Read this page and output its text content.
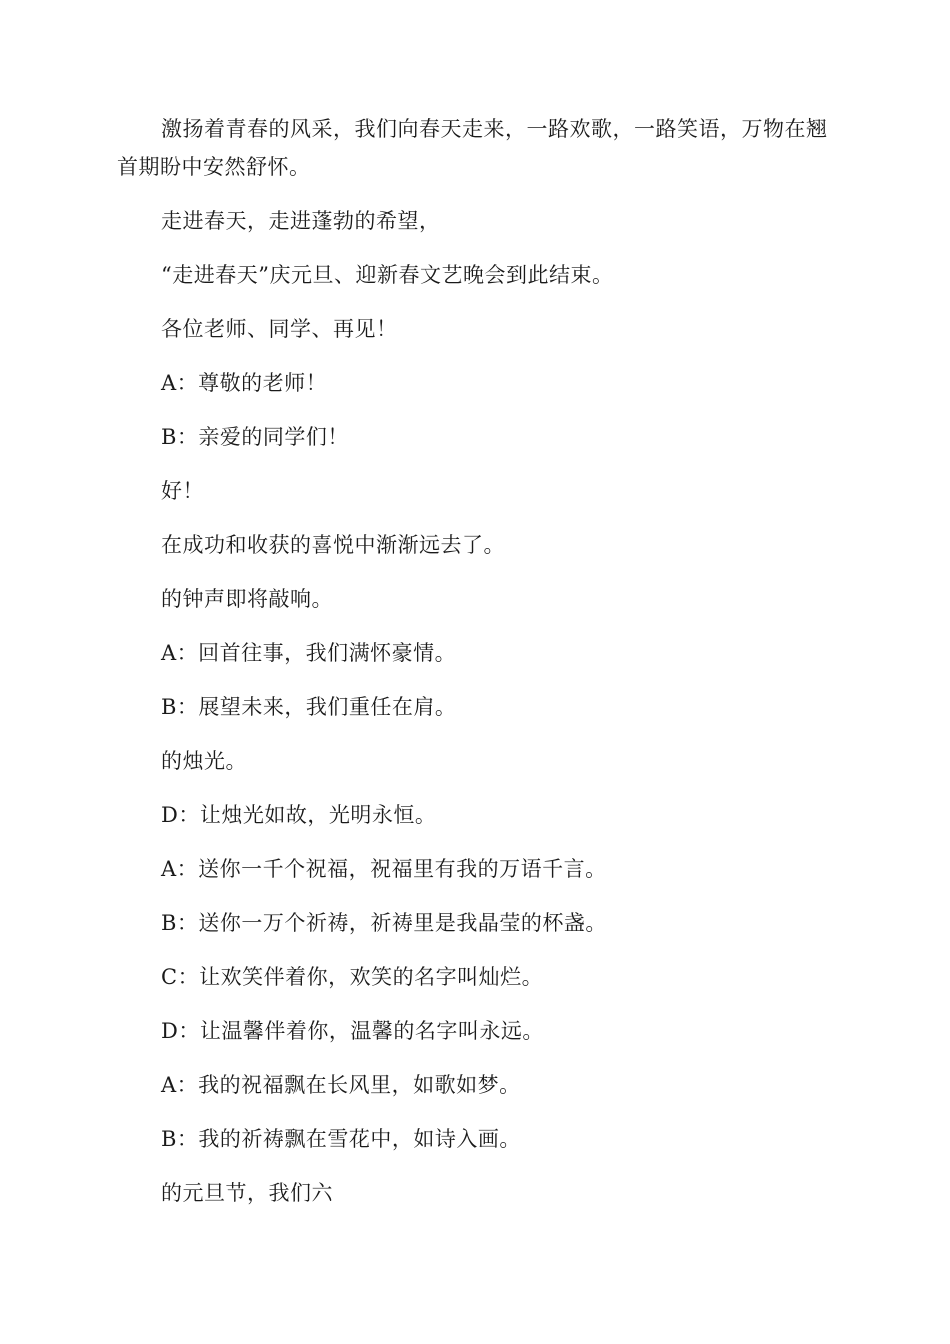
激扬着青春的风采，我们向春天走来，一路欢歌，一路笑语，万物在翘首期盼中安然舒怀。

走进春天，走进蓬勃的希望，

“走进春天”庆元旦、迎新春文艺晚会到此结束。

各位老师、同学、再见！

A：尊敬的老师！

B：亲爱的同学们！

好！

在成功和收获的喜悦中渐渐远去了。

的钟声即将敲响。

A：回首往事，我们满怀豪情。

B：展望未来，我们重任在肩。

的烛光。

D：让烛光如故，光明永恒。

A：送你一千个祝福，祝福里有我的万语千言。

B：送你一万个祈祷，祈祷里是我晶莹的杯盏。

C：让欢笑伴着你，欢笑的名字叫灿烂。

D：让温馨伴着你，温馨的名字叫永远。

A：我的祝福飘在长风里，如歌如梦。

B：我的祈祷飘在雪花中，如诗入画。

的元旦节，我们六
